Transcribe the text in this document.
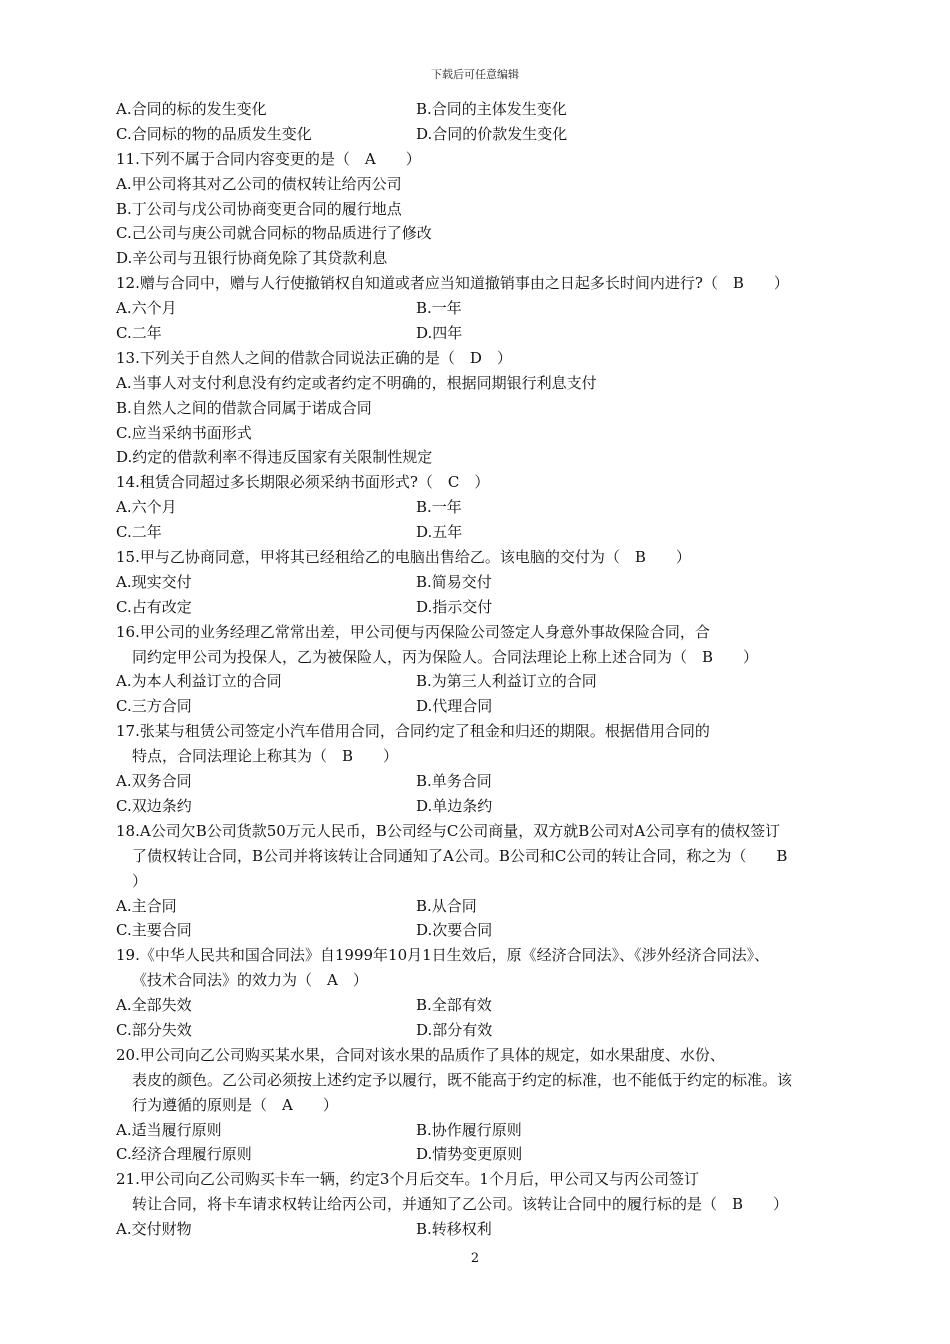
下载后可任意编辑
A.合同的标的发生变化	B.合同的主体发生变化
C.合同标的物的品质发生变化	D.合同的价款发生变化
11.下列不属于合同内容变更的是（　A　　）
A.甲公司将其对乙公司的债权转让给丙公司
B.丁公司与戊公司协商变更合同的履行地点
C.己公司与庚公司就合同标的物品质进行了修改
D.辛公司与丑银行协商免除了其贷款利息
12.赠与合同中，赠与人行使撤销权自知道或者应当知道撤销事由之日起多长时间内进行?（　B　　）
A.六个月	B.一年
C.二年	D.四年
13.下列关于自然人之间的借款合同说法正确的是（　D　）
A.当事人对支付利息没有约定或者约定不明确的，根据同期银行利息支付
B.自然人之间的借款合同属于诺成合同
C.应当采纳书面形式
D.约定的借款利率不得违反国家有关限制性规定
14.租赁合同超过多长期限必须采纳书面形式?（　C　）
A.六个月	B.一年
C.二年	D.五年
15.甲与乙协商同意，甲将其已经租给乙的电脑出售给乙。该电脑的交付为（　B　　）
A.现实交付	B.简易交付
C.占有改定	D.指示交付
16.甲公司的业务经理乙常常出差，甲公司便与丙保险公司签定人身意外事故保险合同，合
同约定甲公司为投保人，乙为被保险人，丙为保险人。合同法理论上称上述合同为（　B　　）
A.为本人利益订立的合同	B.为第三人利益订立的合同
C.三方合同	D.代理合同
17.张某与租赁公司签定小汽车借用合同，合同约定了租金和归还的期限。根据借用合同的
特点，合同法理论上称其为（　B　　）
A.双务合同	B.单务合同
C.双边条约	D.单边条约
18.A公司欠B公司货款50万元人民币，B公司经与C公司商量，双方就B公司对A公司享有的债权签订
了债权转让合同，B公司并将该转让合同通知了A公司。B公司和C公司的转让合同，称之为（　　B
）
A.主合同	B.从合同
C.主要合同	D.次要合同
19.《中华人民共和国合同法》自1999年10月1日生效后，原《经济合同法》、《涉外经济合同法》、
《技术合同法》的效力为（　A　）
A.全部失效	B.全部有效
C.部分失效	D.部分有效
20.甲公司向乙公司购买某水果，合同对该水果的品质作了具体的规定，如水果甜度、水份、
表皮的颜色。乙公司必须按上述约定予以履行，既不能高于约定的标准，也不能低于约定的标准。该
行为遵循的原则是（　A　　）
A.适当履行原则	B.协作履行原则
C.经济合理履行原则	D.情势变更原则
21.甲公司向乙公司购买卡车一辆，约定3个月后交车。1个月后，甲公司又与丙公司签订
转让合同，将卡车请求权转让给丙公司，并通知了乙公司。该转让合同中的履行标的是（　B　　）
A.交付财物	B.转移权利
2
